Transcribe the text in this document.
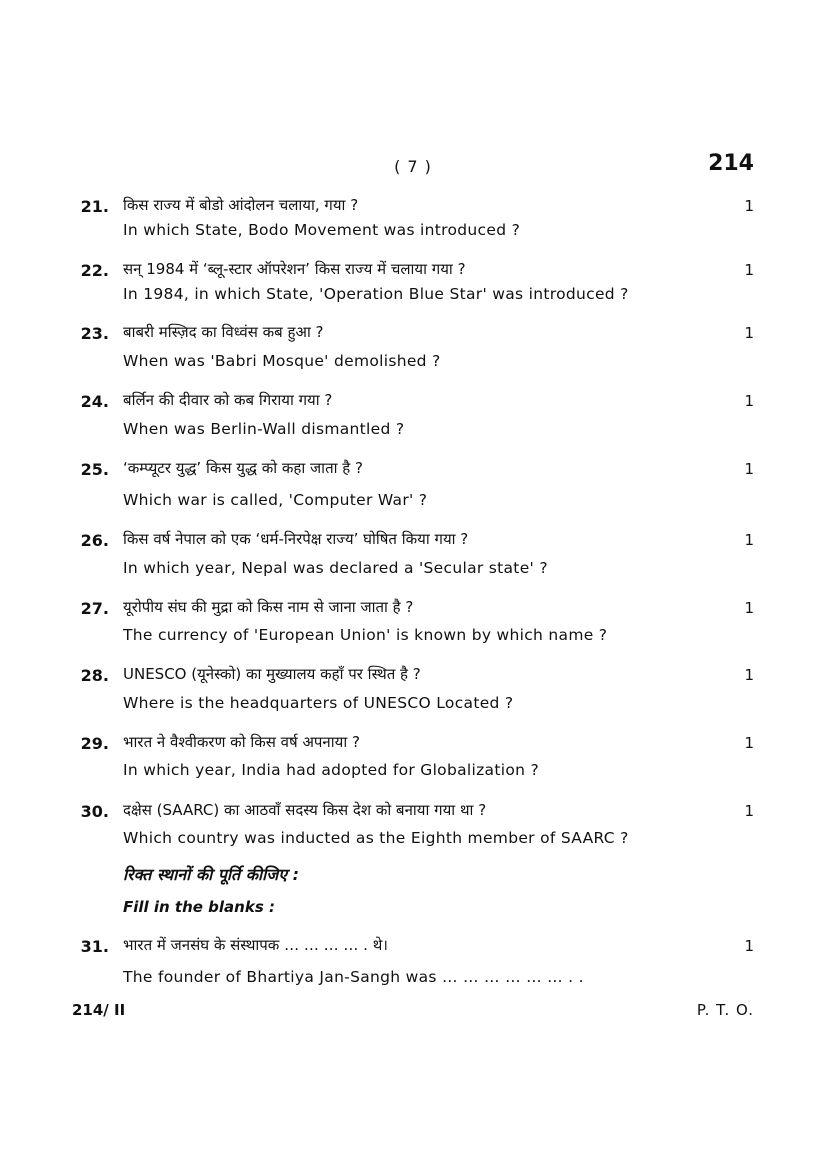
( 7 )	214
21. किस राज्य में बोडो आंदोलन चलाया, गया ?	1
In which State, Bodo Movement was introduced ?
22. सन् 1984 में ‘ब्लू-स्टार ऑपरेशन’ किस राज्य में चलाया गया ?	1
In 1984, in which State, 'Operation Blue Star' was introduced ?
23. बाबरी मस्ज़िद का विध्वंस कब हुआ ?	1
When was 'Babri Mosque' demolished ?
24. बर्लिन की दीवार को कब गिराया गया ?	1
When was Berlin-Wall dismantled ?
25. ‘कम्प्यूटर युद्ध’ किस युद्ध को कहा जाता है ?	1
Which war is called, 'Computer War' ?
26. किस वर्ष नेपाल को एक ‘धर्म-निरपेक्ष राज्य’ घोषित किया गया ?	1
In which year, Nepal was declared a 'Secular state' ?
27. यूरोपीय संघ की मुद्रा को किस नाम से जाना जाता है ?	1
The currency of 'European Union' is known by which name ?
28. UNESCO (यूनेस्को) का मुख्यालय कहाँ पर स्थित है ?	1
Where is the headquarters of UNESCO Located ?
29. भारत ने वैश्वीकरण को किस वर्ष अपनाया ?	1
In which year, India had adopted for Globalization ?
30. दक्षेस (SAARC) का आठवाँ सदस्य किस देश को बनाया गया था ?	1
Which country was inducted as the Eighth member of SAARC ?
रिक्त स्थानों की पूर्ति कीजिए :
Fill in the blanks :
31. भारत में जनसंघ के संस्थापक … … … … . थे।	1
The founder of Bhartiya Jan-Sangh was … … … … … … . .
214/ II	P. T. O.
